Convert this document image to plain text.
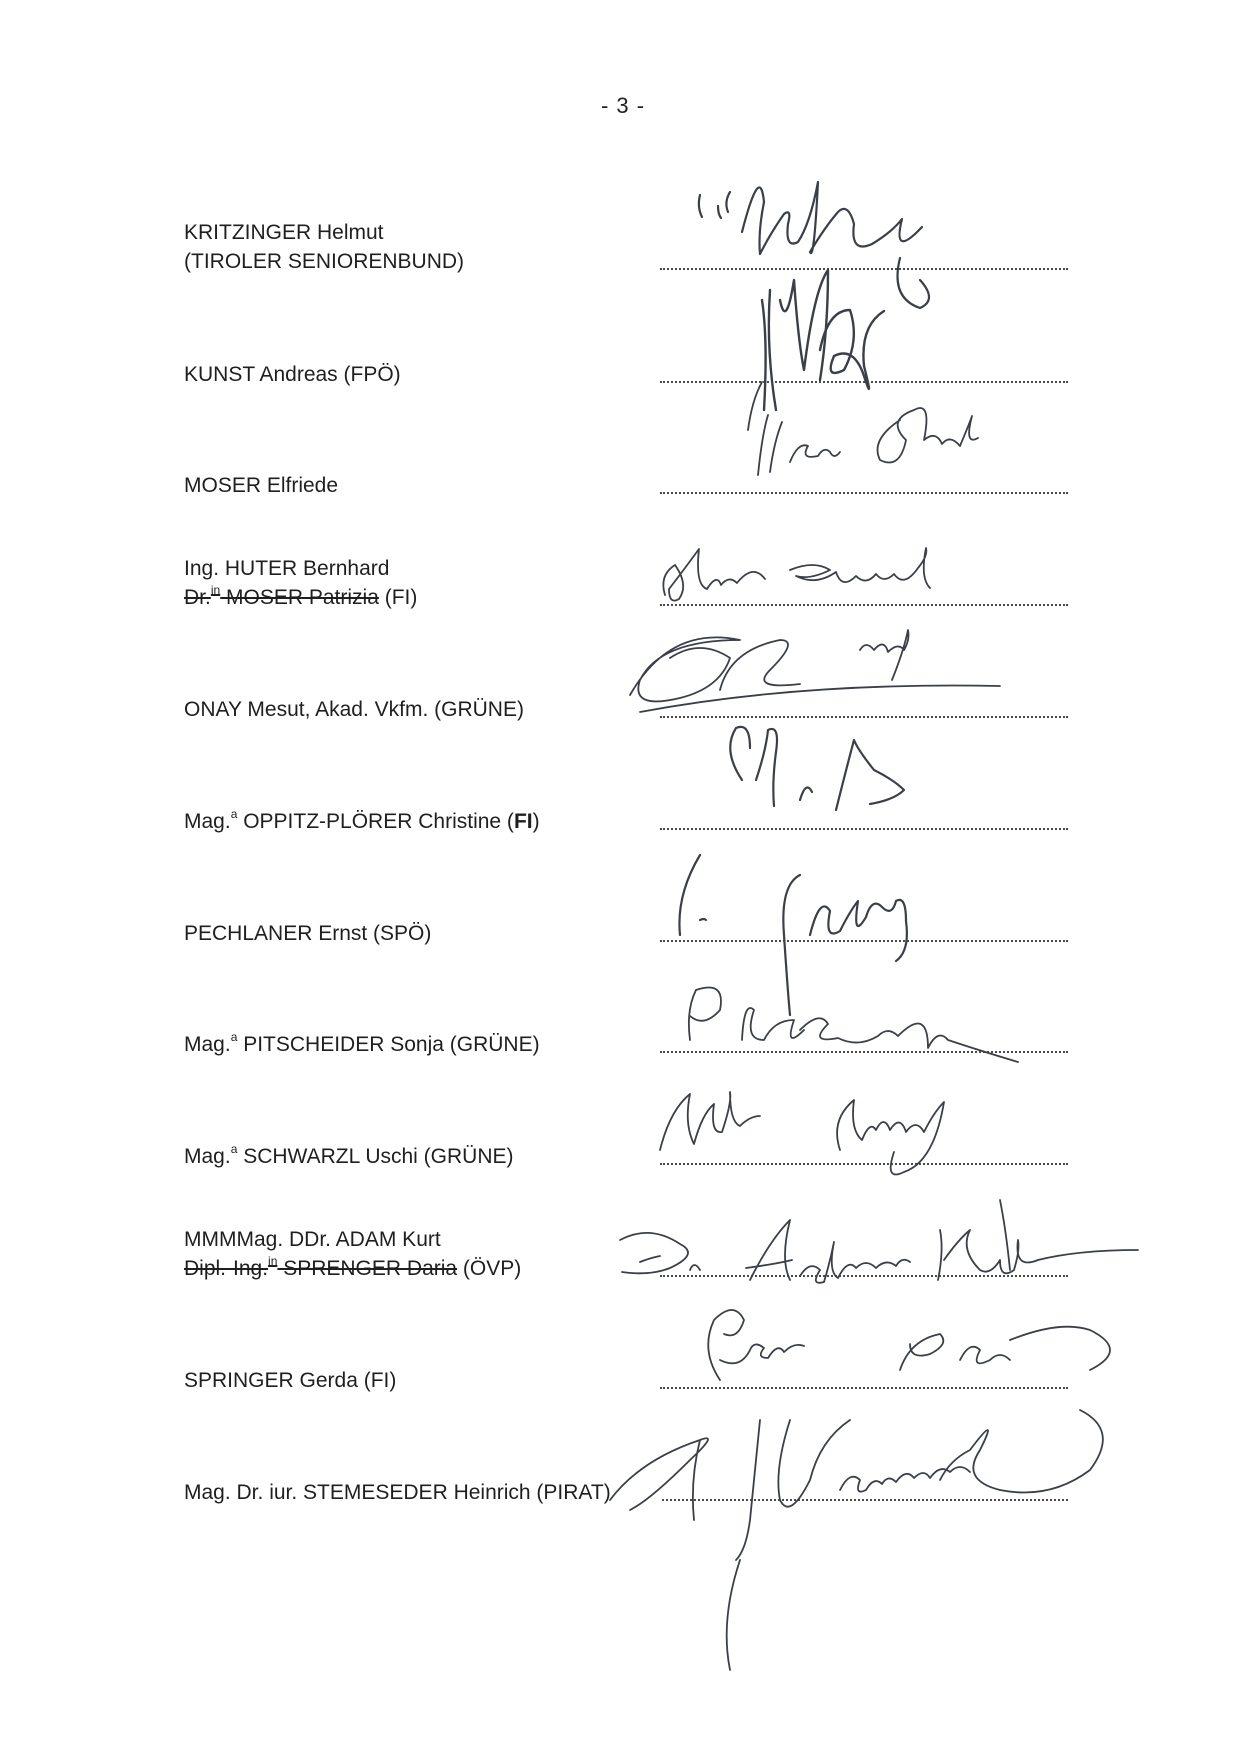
- 3 -
KRITZINGER Helmut
(TIROLER SENIORENBUND)
KUNST Andreas (FPÖ)
MOSER Elfriede
Ing. HUTER Bernhard
Dr.$^{in}$ MOSER Patrizia (FI)
ONAY Mesut, Akad. Vkfm. (GRÜNE)
Mag.$^a$ OPPITZ-PLÖRER Christine (FI)
PECHLANER Ernst (SPÖ)
Mag.$^a$ PITSCHEIDER Sonja (GRÜNE)
Mag.$^a$ SCHWARZL Uschi (GRÜNE)
MMMMag. DDr. ADAM Kurt
Dipl.-Ing.$^{in}$ SPRENGER Daria (ÖVP)
SPRINGER Gerda (FI)
Mag. Dr. iur. STEMESEDER Heinrich (PIRAT)
